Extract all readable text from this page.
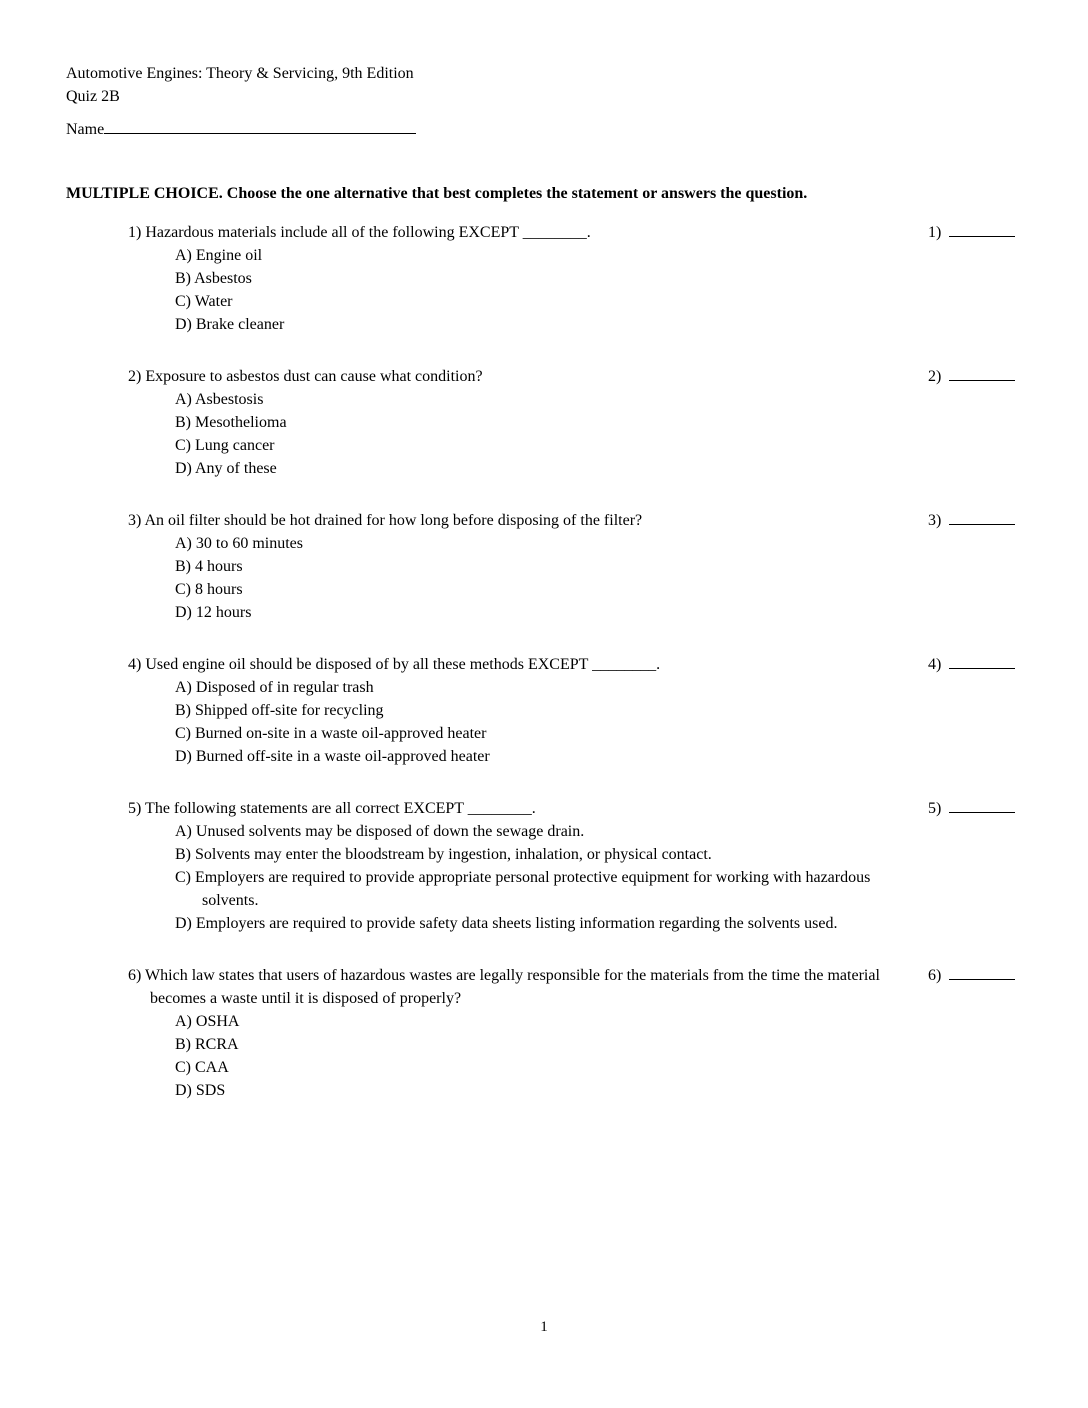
Automotive Engines: Theory & Servicing, 9th Edition
Quiz 2B
Name
MULTIPLE CHOICE. Choose the one alternative that best completes the statement or answers the question.
1) Hazardous materials include all of the following EXCEPT ________.	1)
A) Engine oil
B) Asbestos
C) Water
D) Brake cleaner
2) Exposure to asbestos dust can cause what condition?	2)
A) Asbestosis
B) Mesothelioma
C) Lung cancer
D) Any of these
3) An oil filter should be hot drained for how long before disposing of the filter?	3)
A) 30 to 60 minutes
B) 4 hours
C) 8 hours
D) 12 hours
4) Used engine oil should be disposed of by all these methods EXCEPT ________.	4)
A) Disposed of in regular trash
B) Shipped off-site for recycling
C) Burned on-site in a waste oil-approved heater
D) Burned off-site in a waste oil-approved heater
5) The following statements are all correct EXCEPT ________.	5)
A) Unused solvents may be disposed of down the sewage drain.
B) Solvents may enter the bloodstream by ingestion, inhalation, or physical contact.
C) Employers are required to provide appropriate personal protective equipment for working with hazardous solvents.
D) Employers are required to provide safety data sheets listing information regarding the solvents used.
6) Which law states that users of hazardous wastes are legally responsible for the materials from the time the material becomes a waste until it is disposed of properly?
6)
A) OSHA
B) RCRA
C) CAA
D) SDS
1
